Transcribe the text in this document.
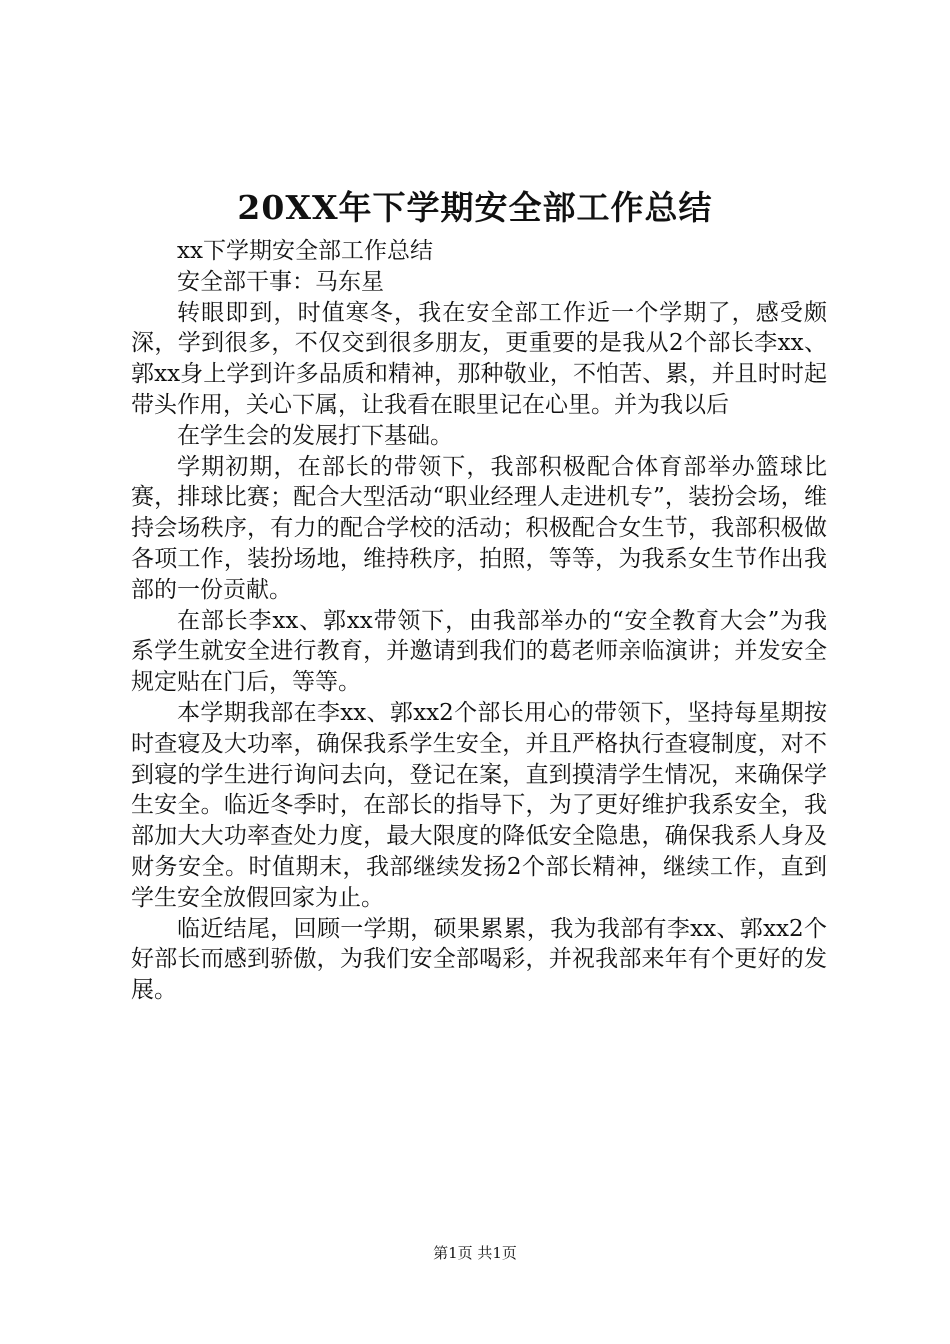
20XX年下学期安全部工作总结

xx下学期安全部工作总结

安全部干事：马东星

转眼即到，时值寒冬，我在安全部工作近一个学期了，感受颇深，学到很多，不仅交到很多朋友，更重要的是我从2个部长李xx、郭xx身上学到许多品质和精神，那种敬业，不怕苦、累，并且时时起带头作用，关心下属，让我看在眼里记在心里。并为我以后

在学生会的发展打下基础。

学期初期，在部长的带领下，我部积极配合体育部举办篮球比赛，排球比赛；配合大型活动“职业经理人走进机专”，装扮会场，维持会场秩序，有力的配合学校的活动；积极配合女生节，我部积极做各项工作，装扮场地，维持秩序，拍照，等等，为我系女生节作出我部的一份贡献。

在部长李xx、郭xx带领下，由我部举办的“安全教育大会”为我系学生就安全进行教育，并邀请到我们的葛老师亲临演讲；并发安全规定贴在门后，等等。

本学期我部在李xx、郭xx2个部长用心的带领下，坚持每星期按时查寝及大功率，确保我系学生安全，并且严格执行查寝制度，对不到寝的学生进行询问去向，登记在案，直到摸清学生情况，来确保学生安全。临近冬季时，在部长的指导下，为了更好维护我系安全，我部加大大功率查处力度，最大限度的降低安全隐患，确保我系人身及财务安全。时值期末，我部继续发扬2个部长精神，继续工作，直到学生安全放假回家为止。

临近结尾，回顾一学期，硕果累累，我为我部有李xx、郭xx2个好部长而感到骄傲，为我们安全部喝彩，并祝我部来年有个更好的发展。

第1页 共1页
